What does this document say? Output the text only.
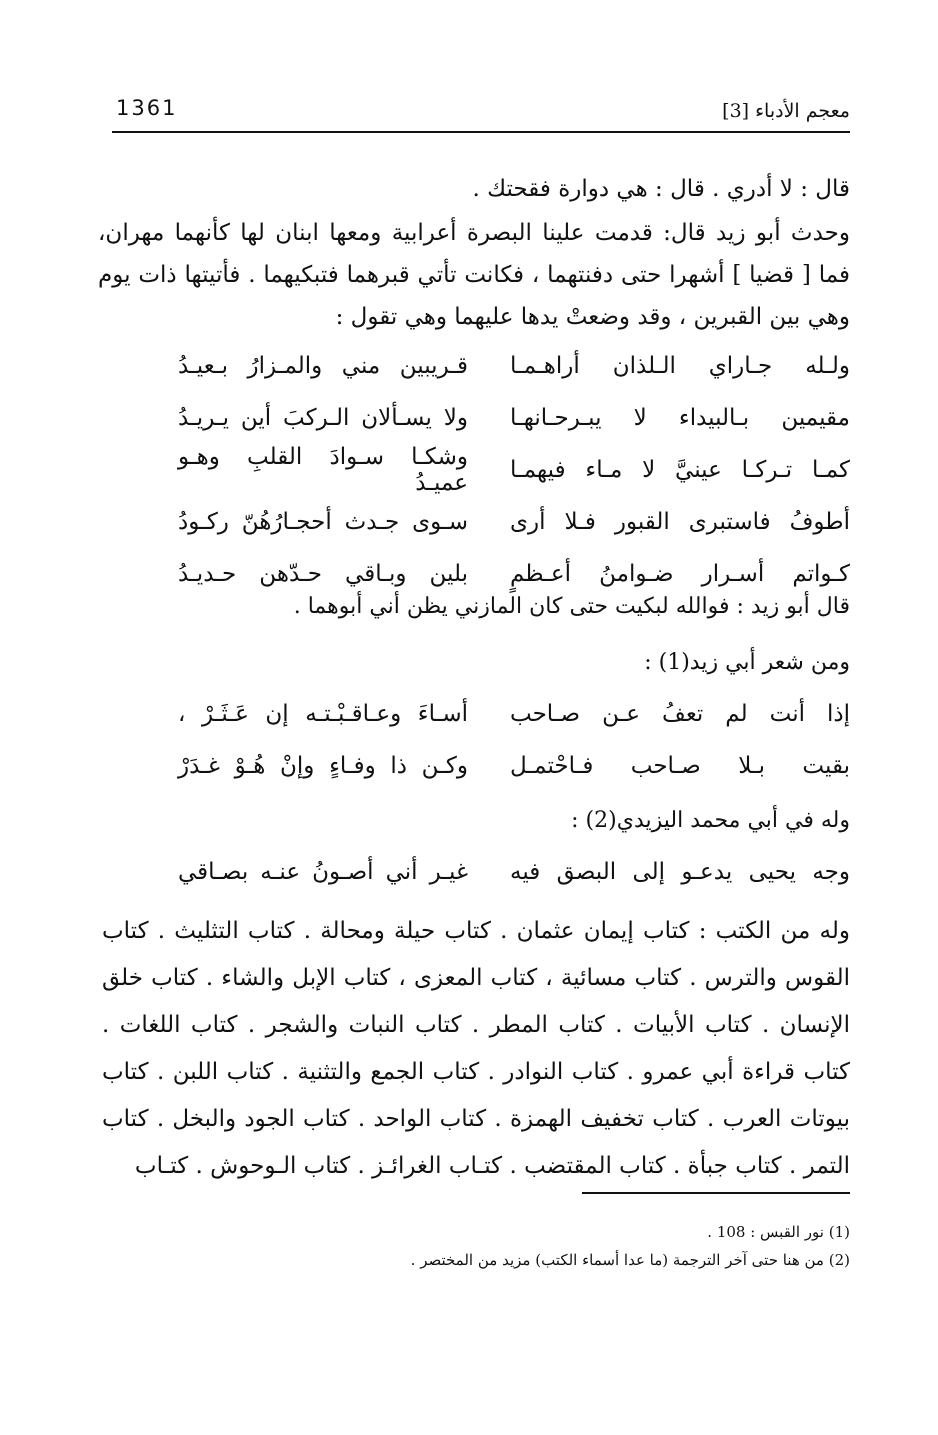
معجم الأدباء [3]
1361
قال : لا أدري . قال : هي دوارة فقحتك .
وحدث أبو زيد قال: قدمت علينا البصرة أعرابية ومعها ابنان لها كأنهما مهران، فما [ قضيا ] أشهرا حتى دفنتهما ، فكانت تأتي قبرهما فتبكيهما . فأتيتها ذات يوم وهي بين القبرين ، وقد وضعتْ يدها عليهما وهي تقول :
ولـله جـاراي الـلذان أراهـمـا
قـريبين مني والمـزارُ بـعيـدُ
مقيمين بـالبيداء لا يبـرحـانهـا
ولا يسـألان الـركبَ أين يـريـدُ
كمـا تـركـا عينيَّ لا مـاء فيهمـا
وشكـا سـوادَ القلبِ وهـو عميـدُ
أطوفُ فاستبرى القبور فـلا أرى
سـوى جـدث أحجـارُهُنّ ركـودُ
كـواتم أسـرار ضـوامنُ أعـظمٍ
بلين وبـاقي حـدّهن حـديـدُ
قال أبو زيد : فوالله لبكيت حتى كان المازني يظن أني أبوهما .
ومن شعر أبي زيد(1) :
إذا أنت لم تعفُ عـن صـاحب
أسـاءَ وعـاقـبْـتـه إن عَـثَـرْ ،
بقيت بـلا صـاحب فـاحْتمـل
وكـن ذا وفـاءٍ وإنْ هُـوْ غـدَرْ
وله في أبي محمد اليزيدي(2) :
وجه يحيى يدعـو إلى البصق فيه
غيـر أني أصـونُ عنـه بصـاقي
وله من الكتب : كتاب إيمان عثمان . كتاب حيلة ومحالة . كتاب التثليث . كتاب القوس والترس . كتاب مسائية ، كتاب المعزى ، كتاب الإبل والشاء . كتاب خلق الإنسان . كتاب الأبيات . كتاب المطر . كتاب النبات والشجر . كتاب اللغات . كتاب قراءة أبي عمرو . كتاب النوادر . كتاب الجمع والتثنية . كتاب اللبن . كتاب بيوتات العرب . كتاب تخفيف الهمزة . كتاب الواحد . كتاب الجود والبخل . كتاب التمر . كتاب جبأة . كتاب المقتضب . كتـاب الغرائـز . كتاب الـوحوش . كتـاب
(1) نور القبس : 108 .
(2) من هنا حتى آخر الترجمة (ما عدا أسماء الكتب) مزيد من المختصر .
